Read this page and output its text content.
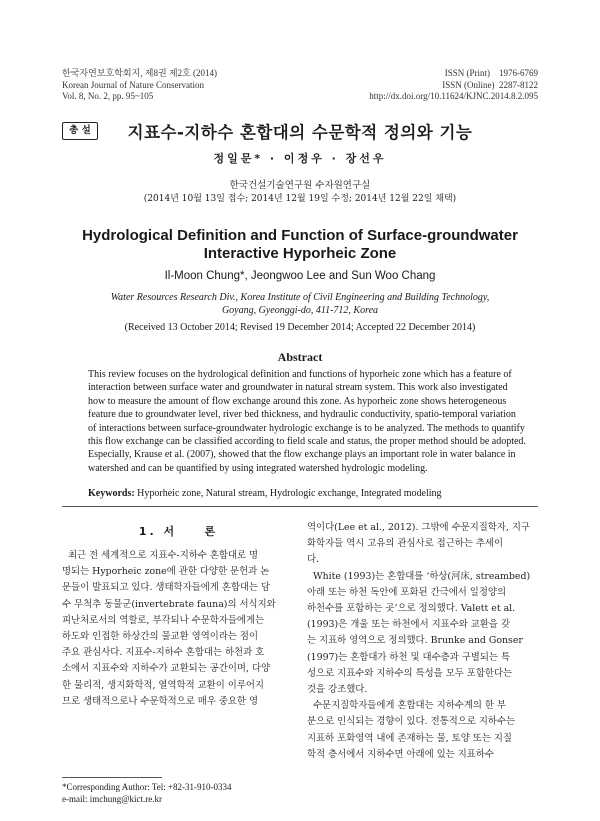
한국자연보호학회지, 제8권 제2호 (2014)
Korean Journal of Nature Conservation
Vol. 8, No. 2, pp. 95~105
ISSN (Print)    1976-6769
ISSN (Online)  2287-8122
http://dx.doi.org/10.11624/KJNC.2014.8.2.095
총 설	지표수-지하수 혼합대의 수문학적 정의와 기능
정일문* · 이정우 · 장선우
한국건설기술연구원 수자원연구실
(2014년 10월 13일 접수; 2014년 12월 19일 수정; 2014년 12월 22일 채택)
Hydrological Definition and Function of Surface-groundwater
Interactive Hyporheic Zone
Il-Moon Chung*, Jeongwoo Lee and Sun Woo Chang
Water Resources Research Div., Korea Institute of Civil Engineering and Building Technology,
Goyang, Gyeonggi-do, 411-712, Korea
(Received 13 October 2014; Revised 19 December 2014; Accepted 22 December 2014)
Abstract
This review focuses on the hydrological definition and functions of hyporheic zone which has a feature of
interaction between surface water and groundwater in natural stream system. This work also investigated
how to measure the amount of flow exchange around this zone. As hyporheic zone shows heterogeneous
feature due to groundwater level, river bed thickness, and hydraulic conductivity, spatio-temporal variation
of interactions between surface-groundwater hydrologic exchange is to be analyzed. The methods to quantify
this flow exchange can be classified according to field scale and status, the proper method should be adopted.
Especially, Krause et al. (2007), showed that the flow exchange plays an important role in water balance in
watershed and can be quantified by using integrated watershed hydrologic modeling.
Keywords: Hyporheic zone, Natural stream, Hydrologic exchange, Integrated modeling
1. 서    론
최근 전 세계적으로 지표수-지하수 혼합대로 명
명되는 Hyporheic zone에 관한 다양한 문헌과 논
문들이 발표되고 있다. 생태학자들에게 혼합대는 담
수 무척추 동물군(invertebrate fauna)의 서식지와
피난처로서의 역할로, 부각되나 수문학자들에게는
하도와 인접한 하상간의 물교환 영역이라는 점이
주요 관심사다. 지표수-지하수 혼합대는 하천과 호
소에서 지표수와 지하수가 교환되는 공간이며, 다양
한 물리적, 생지화학적, 열역학적 교환이 이루어지
므로 생태적으로나 수문학적으로 매우 중요한 영
역이다(Lee et al., 2012). 그밖에 수문지질학자, 지구
화학자들 역시 고유의 관심사로 접근하는 추세이
다.
White (1993)는 혼합대를 ‘하상(河床, streambed)
아래 또는 하천 독안에 포화된 간극에서 일정양의
하천수를 포함하는 곳’으로 정의했다. Valett et al.
(1993)은 개울 또는 하천에서 지표수와 교환을 갖
는 지표하 영역으로 정의했다. Brunke and Gonser
(1997)는 혼합대가 하천 및 대수층과 구별되는 특
성으로 지표수와 지하수의 특성을 모두 포함한다는
것을 강조했다.
수문지질학자들에게 혼합대는 지하수계의 한 부
분으로 인식되는 경향이 있다. 전통적으로 지하수는
지표하 포화영역 내에 존재하는 물, 토양 또는 지질
학적 층서에서 지하수면 아래에 있는 지표하수
*Corresponding Author: Tel: +82-31-910-0334
e-mail: imchung@kict.re.kr
